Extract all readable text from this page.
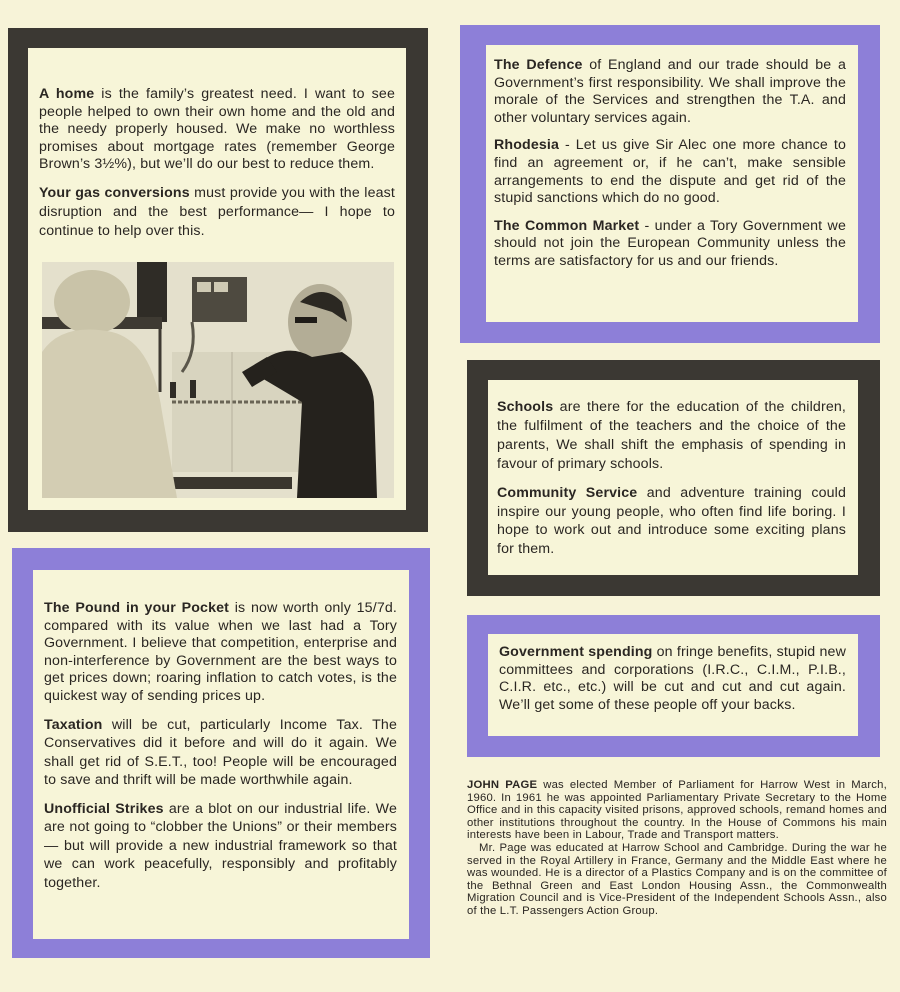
A home is the family’s greatest need. I want to see people helped to own their own home and the old and the needy properly housed. We make no worthless promises about mortgage rates (remember George Brown’s 3½%), but we’ll do our best to reduce them.

Your gas conversions must provide you with the least disruption and the best performance— I hope to continue to help over this.

The Defence of England and our trade should be a Government’s first responsibility. We shall improve the morale of the Services and strengthen the T.A. and other voluntary services again.

Rhodesia - Let us give Sir Alec one more chance to find an agreement or, if he can’t, make sensible arrangements to end the dispute and get rid of the stupid sanctions which do no good.

The Common Market - under a Tory Government we should not join the European Community unless the terms are satisfactory for us and our friends.

Schools are there for the education of the children, the fulfilment of the teachers and the choice of the parents, We shall shift the emphasis of spending in favour of primary schools.

Community Service and adventure training could inspire our young people, who often find life boring. I hope to work out and introduce some exciting plans for them.

Government spending on fringe benefits, stupid new committees and corporations (I.R.C., C.I.M., P.I.B., C.I.R. etc., etc.) will be cut and cut and cut again. We’ll get some of these people off your backs.

The Pound in your Pocket is now worth only 15/7d. compared with its value when we last had a Tory Government. I believe that competition, enterprise and non-interference by Government are the best ways to get prices down; roaring inflation to catch votes, is the quickest way of sending prices up.

Taxation will be cut, particularly Income Tax. The Conservatives did it before and will do it again. We shall get rid of S.E.T., too! People will be encouraged to save and thrift will be made worthwhile again.

Unofficial Strikes are a blot on our industrial life. We are not going to “clobber the Unions” or their members — but will provide a new industrial framework so that we can work peacefully, responsibly and profitably together.

JOHN PAGE was elected Member of Parliament for Harrow West in March, 1960. In 1961 he was appointed Parliamentary Private Secretary to the Home Office and in this capacity visited prisons, approved schools, remand homes and other institutions throughout the country. In the House of Commons his main interests have been in Labour, Trade and Transport matters.

Mr. Page was educated at Harrow School and Cambridge. During the war he served in the Royal Artillery in France, Germany and the Middle East where he was wounded. He is a director of a Plastics Company and is on the committee of the Bethnal Green and East London Housing Assn., the Commonwealth Migration Council and is Vice-President of the Independent Schools Assn., also of the L.T. Passengers Action Group.
